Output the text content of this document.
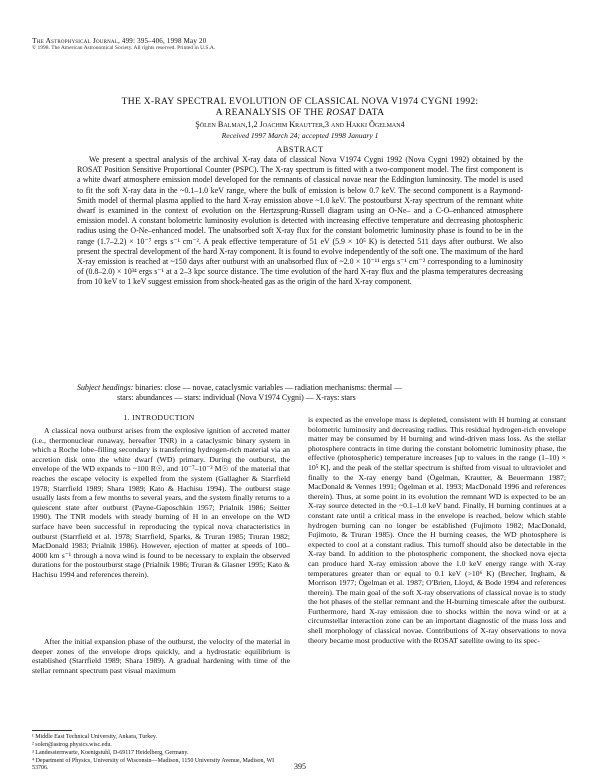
The Astrophysical Journal, 499: 395–406, 1998 May 20
© 1998. The American Astronomical Society. All rights reserved. Printed in U.S.A.
THE X-RAY SPECTRAL EVOLUTION OF CLASSICAL NOVA V1974 CYGNI 1992:
A REANALYSIS OF THE ROSAT DATA
Şölen Balman,1,2 Joachim Krautter,3 and Hakki Ögelman4
Received 1997 March 24; accepted 1998 January 1
ABSTRACT

We present a spectral analysis of the archival X-ray data of classical Nova V1974 Cygni 1992 (Nova Cygni 1992) obtained by the ROSAT Position Sensitive Proportional Counter (PSPC). The X-ray spectrum is fitted with a two-component model. The first component is a white dwarf atmosphere emission model developed for the remnants of classical novae near the Eddington luminosity. The model is used to fit the soft X-ray data in the ~0.1–1.0 keV range, where the bulk of emission is below 0.7 keV. The second component is a Raymond-Smith model of thermal plasma applied to the hard X-ray emission above ~1.0 keV. The postoutburst X-ray spectrum of the remnant white dwarf is examined in the context of evolution on the Hertzsprung-Russell diagram using an O-Ne– and a C-O–enhanced atmosphere emission model. A constant bolometric luminosity evolution is detected with increasing effective temperature and decreasing photospheric radius using the O-Ne–enhanced model. The unabsorbed soft X-ray flux for the constant bolometric luminosity phase is found to be in the range (1.7–2.2) × 10⁻⁷ ergs s⁻¹ cm⁻². A peak effective temperature of 51 eV (5.9 × 10⁵ K) is detected 511 days after outburst. We also present the spectral development of the hard X-ray component. It is found to evolve independently of the soft one. The maximum of the hard X-ray emission is reached at ~150 days after outburst with an unabsorbed flux of ~2.0 × 10⁻¹¹ ergs s⁻¹ cm⁻² corresponding to a luminosity of (0.8–2.0) × 10³⁴ ergs s⁻¹ at a 2–3 kpc source distance. The time evolution of the hard X-ray flux and the plasma temperatures decreasing from 10 keV to 1 keV suggest emission from shock-heated gas as the origin of the hard X-ray component.

Subject headings: binaries: close — novae, cataclysmic variables — radiation mechanisms: thermal —
stars: abundances — stars: individual (Nova V1974 Cygni) — X-rays: stars
1. INTRODUCTION

A classical nova outburst arises from the explosive ignition of accreted matter (i.e., thermonuclear runaway, hereafter TNR) in a cataclysmic binary system in which a Roche lobe–filling secondary is transferring hydrogen-rich material via an accretion disk onto the white dwarf (WD) primary. During the outburst, the envelope of the WD expands to ~100 R☉, and 10⁻⁷–10⁻³ M☉ of the material that reaches the escape velocity is expelled from the system (Gallagher & Starrfield 1978; Starrfield 1989; Shara 1989; Kato & Hachisu 1994). The outburst stage usually lasts from a few months to several years, and the system finally returns to a quiescent state after outburst (Payne-Gaposchkin 1957; Prialnik 1986; Seitter 1990). The TNR models with steady burning of H in an envelope on the WD surface have been successful in reproducing the typical nova characteristics in outburst (Starrfield et al. 1978; Starrfield, Sparks, & Truran 1985; Truran 1982; MacDonald 1983; Prialnik 1986). However, ejection of matter at speeds of 100–4000 km s⁻¹ through a nova wind is found to be necessary to explain the observed durations for the postoutburst stage (Prialnik 1986; Truran & Glasner 1995; Kato & Hachisu 1994 and references therein).

After the initial expansion phase of the outburst, the velocity of the material in deeper zones of the envelope drops quickly, and a hydrostatic equilibrium is established (Starrfield 1989; Shara 1989). A gradual hardening with time of the stellar remnant spectrum past visual maximum

is expected as the envelope mass is depleted, consistent with H burning at constant bolometric luminosity and decreasing radius. This residual hydrogen-rich envelope matter may be consumed by H burning and wind-driven mass loss. As the stellar photosphere contracts in time during the constant bolometric luminosity phase, the effective (photospheric) temperature increases [up to values in the range (1–10) × 10⁵ K], and the peak of the stellar spectrum is shifted from visual to ultraviolet and finally to the X-ray energy band (Ögelman, Krautter, & Beuermann 1987; MacDonald & Vennes 1991; Ögelman et al. 1993; MacDonald 1996 and references therein). Thus, at some point in its evolution the remnant WD is expected to be an X-ray source detected in the ~0.1–1.0 keV band. Finally, H burning continues at a constant rate until a critical mass in the envelope is reached, below which stable hydrogen burning can no longer be established (Fujimoto 1982; MacDonald, Fujimoto, & Truran 1985). Once the H burning ceases, the WD photosphere is expected to cool at a constant radius. This turnoff should also be detectable in the X-ray band. In addition to the photospheric component, the shocked nova ejecta can produce hard X-ray emission above the 1.0 keV energy range with X-ray temperatures greater than or equal to 0.1 keV (>10⁶ K) (Brecher, Ingham, & Morrison 1977; Ögelman et al. 1987; O'Brien, Lloyd, & Bode 1994 and references therein). The main goal of the soft X-ray observations of classical novae is to study the hot phases of the stellar remnant and the H-burning timescale after the outburst. Furthermore, hard X-ray emission due to shocks within the nova wind or at a circumstellar interaction zone can be an important diagnostic of the mass loss and shell morphology of classical novae. Contributions of X-ray observations to nova theory became most productive with the ROSAT satellite owing to its spec-

¹ Middle East Technical University, Ankara, Turkey.

² solen@astrog.physics.wisc.edu.

³ Landessternwarte, Koenigstuhl, D-69117 Heidelberg, Germany.

⁴ Department of Physics, University of Wisconsin—Madison, 1150 University Avenue, Madison, WI 53706.	395
